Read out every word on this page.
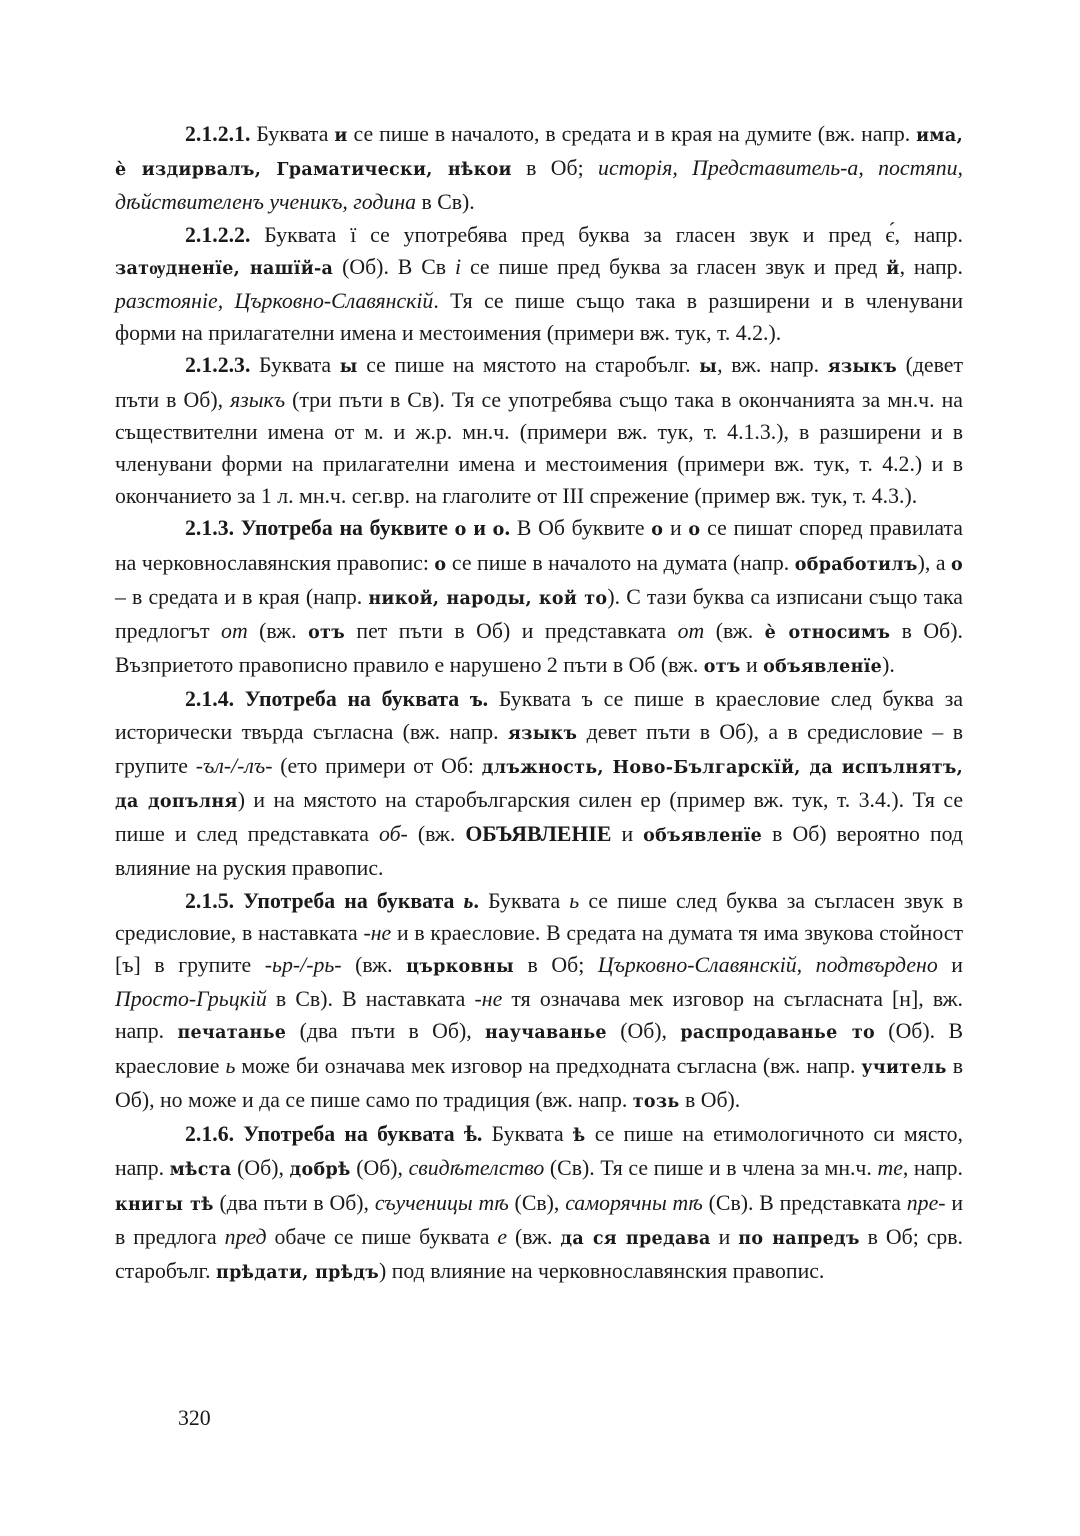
2.1.2.1. Буквата и се пише в началото, в средата и в края на думите (вж. напр. има, ѐ издирвалъ, Граматически, нѣкои в Об; исторія, Представитель-а, постяпи, дѣйствителенъ ученикъ, година в Св).

2.1.2.2. Буквата ї се употребява пред буква за гласен звук и пред є́, напр. затѹдненїе, нашїй-а (Об). В Св і се пише пред буква за гласен звук и пред й, напр. разстояніе, Църковно-Славянскій. Тя се пише също така в разширени и в членувани форми на прилагателни имена и местоимения (примери вж. тук, т. 4.2.).

2.1.2.3. Буквата ы се пише на мястото на старобълг. ы, вж. напр. языкъ (девет пъти в Об), языкъ (три пъти в Св). Тя се употребява също така в окончанията за мн.ч. на съществителни имена от м. и ж.р. мн.ч. (примери вж. тук, т. 4.1.3.), в разширени и в членувани форми на прилагателни имена и местоимения (примери вж. тук, т. 4.2.) и в окончанието за 1 л. мн.ч. сег.вр. на глаголите от III спрежение (пример вж. тук, т. 4.3.).

2.1.3. Употреба на буквите о и о. В Об буквите о и о се пишат според правилата на черковнославянския правопис: о се пише в началото на думата (напр. обработилъ), а о – в средата и в края (напр. никой, народы, кой то). С тази буква са изписани също така предлогът от (вж. отъ пет пъти в Об) и представката от (вж. ѐ относимъ в Об). Възприетото правописно правило е нарушено 2 пъти в Об (вж. отъ и объявленїе).

2.1.4. Употреба на буквата ъ. Буквата ъ се пише в краесловие след буква за исторически твърда съгласна (вж. напр. языкъ девет пъти в Об), а в средисловие – в групите -ъл-/-лъ- (ето примери от Об: длъжность, Ново-Българскїй, да испълнятъ, да допълня) и на мястото на старобългарския силен ер (пример вж. тук, т. 3.4.). Тя се пише и след представката об- (вж. ОБЪЯВЛЕНІЕ и объявленїе в Об) вероятно под влияние на руския правопис.

2.1.5. Употреба на буквата ь. Буквата ь се пише след буква за съгласен звук в средисловие, в наставката -не и в краесловие. В средата на думата тя има звукова стойност [ъ] в групите -ьр-/-рь- (вж. църковны в Об; Църковно-Славянскій, подтвърдено и Просто-Грьцкій в Св). В наставката -не тя означава мек изговор на съгласната [н], вж. напр. печатанье (два пъти в Об), научаванье (Об), распродаванье то (Об). В краесловие ь може би означава мек изговор на предходната съгласна (вж. напр. учитель в Об), но може и да се пише само по традиция (вж. напр. тозь в Об).

2.1.6. Употреба на буквата ѣ. Буквата ѣ се пише на етимологичното си място, напр. мѣста (Об), добрѣ (Об), свидѣтелство (Св). Тя се пише и в члена за мн.ч. те, напр. книгы тѣ (два пъти в Об), съученицы тѣ (Св), саморячны тѣ (Св). В представката пре- и в предлога пред обаче се пише буквата е (вж. да ся предава и по напредъ в Об; срв. старобълг. прѣдати, прѣдъ) под влияние на черковнославянския правопис.

320
